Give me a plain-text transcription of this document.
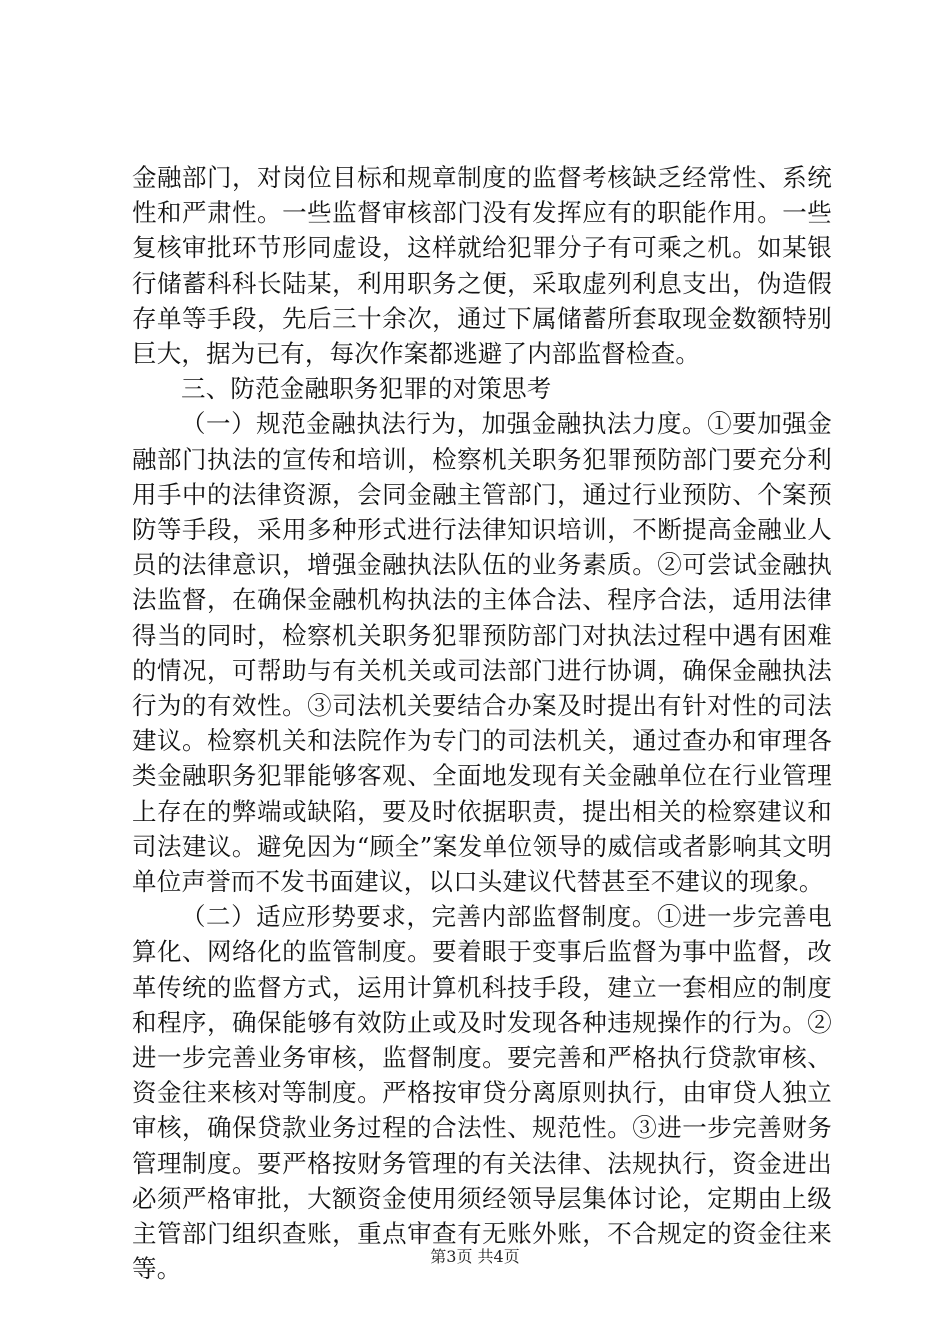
金融部门，对岗位目标和规章制度的监督考核缺乏经常性、系统性和严肃性。一些监督审核部门没有发挥应有的职能作用。一些复核审批环节形同虚设，这样就给犯罪分子有可乘之机。如某银行储蓄科科长陆某，利用职务之便，采取虚列利息支出，伪造假存单等手段，先后三十余次，通过下属储蓄所套取现金数额特别巨大，据为已有，每次作案都逃避了内部监督检查。

三、防范金融职务犯罪的对策思考

（一）规范金融执法行为，加强金融执法力度。①要加强金融部门执法的宣传和培训，检察机关职务犯罪预防部门要充分利用手中的法律资源，会同金融主管部门，通过行业预防、个案预防等手段，采用多种形式进行法律知识培训，不断提高金融业人员的法律意识，增强金融执法队伍的业务素质。②可尝试金融执法监督，在确保金融机构执法的主体合法、程序合法，适用法律得当的同时，检察机关职务犯罪预防部门对执法过程中遇有困难的情况，可帮助与有关机关或司法部门进行协调，确保金融执法行为的有效性。③司法机关要结合办案及时提出有针对性的司法建议。检察机关和法院作为专门的司法机关，通过查办和审理各类金融职务犯罪能够客观、全面地发现有关金融单位在行业管理上存在的弊端或缺陷，要及时依据职责，提出相关的检察建议和司法建议。避免因为“顾全”案发单位领导的威信或者影响其文明单位声誉而不发书面建议，以口头建议代替甚至不建议的现象。

（二）适应形势要求，完善内部监督制度。①进一步完善电算化、网络化的监管制度。要着眼于变事后监督为事中监督，改革传统的监督方式，运用计算机科技手段，建立一套相应的制度和程序，确保能够有效防止或及时发现各种违规操作的行为。②进一步完善业务审核，监督制度。要完善和严格执行贷款审核、资金往来核对等制度。严格按审贷分离原则执行，由审贷人独立审核，确保贷款业务过程的合法性、规范性。③进一步完善财务管理制度。要严格按财务管理的有关法律、法规执行，资金进出必须严格审批，大额资金使用须经领导层集体讨论，定期由上级主管部门组织查账，重点审查有无账外账，不合规定的资金往来等。	第3页 共4页
